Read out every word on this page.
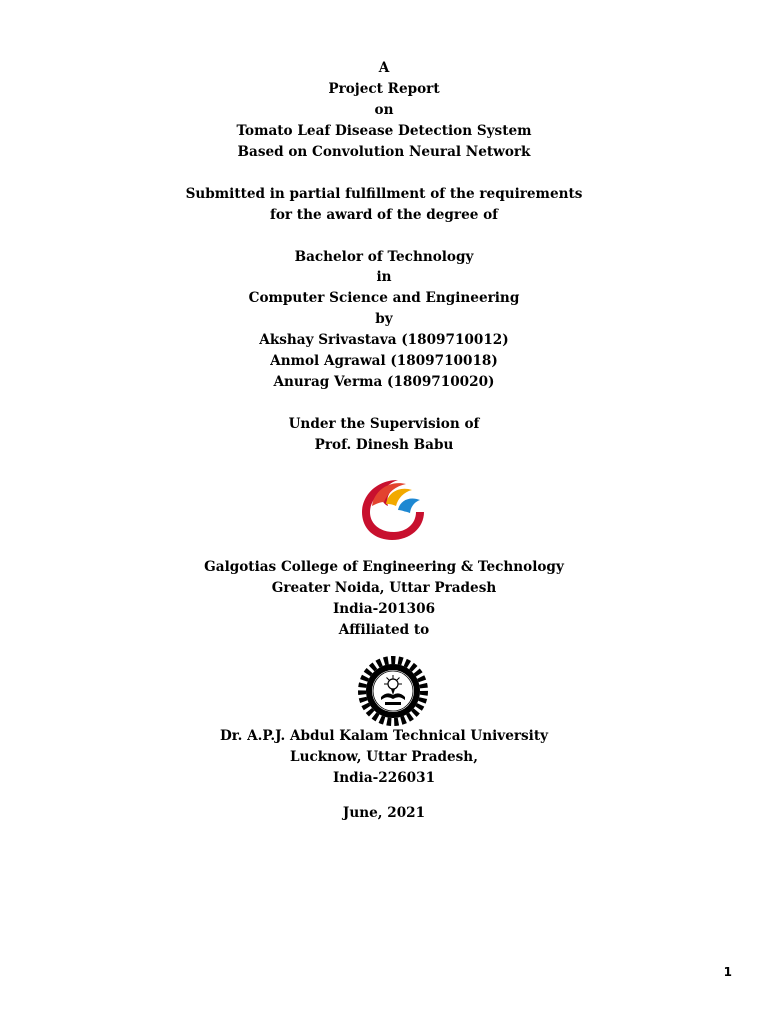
A
Project Report
on
Tomato Leaf Disease Detection System
Based on Convolution Neural Network
Submitted in partial fulfillment of the requirements
for the award of the degree of
Bachelor of Technology
in
Computer Science and Engineering
by
Akshay Srivastava (1809710012)
Anmol Agrawal (1809710018)
Anurag Verma (1809710020)
Under the Supervision of
Prof. Dinesh Babu
Galgotias College of Engineering & Technology
Greater Noida, Uttar Pradesh
India-201306
Affiliated to
Dr. A.P.J. Abdul Kalam Technical University
Lucknow, Uttar Pradesh,
India-226031
June, 2021
1
